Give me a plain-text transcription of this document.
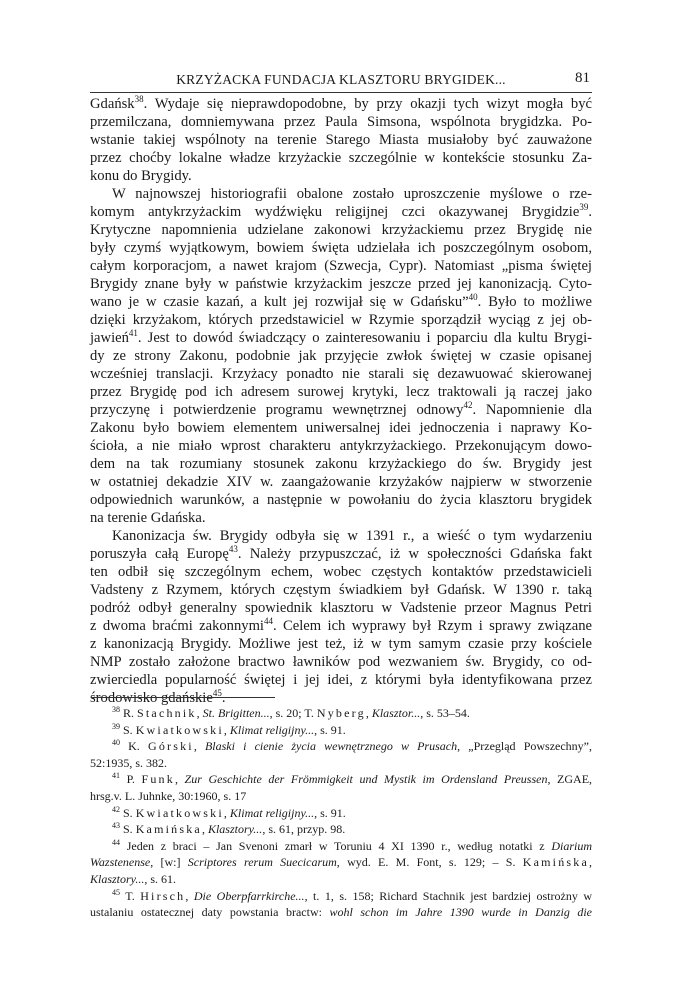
KRZYŻACKA FUNDACJA KLASZTORU BRYGIDEK...	81
Gdańsk$^{38}$. Wydaje się nieprawdopodobne, by przy okazji tych wizyt mogła być
przemilczana, domniemywana przez Paula Simsona, wspólnota brygidzka. Po-
wstanie takiej wspólnoty na terenie Starego Miasta musiałoby być zauważone
przez choćby lokalne władze krzyżackie szczególnie w kontekście stosunku Za-
konu do Brygidy.
W najnowszej historiografii obalone zostało uproszczenie myślowe o rze-
komym antykrzyżackim wydźwięku religijnej czci okazywanej Brygidzie$^{39}$.
Krytyczne napomnienia udzielane zakonowi krzyżackiemu przez Brygidę nie
były czymś wyjątkowym, bowiem święta udzielała ich poszczególnym osobom,
całym korporacjom, a nawet krajom (Szwecja, Cypr). Natomiast „pisma świętej
Brygidy znane były w państwie krzyżackim jeszcze przed jej kanonizacją. Cyto-
wano je w czasie kazań, a kult jej rozwijał się w Gdańsku”$^{40}$. Było to możliwe
dzięki krzyżakom, których przedstawiciel w Rzymie sporządził wyciąg z jej ob-
jawień$^{41}$. Jest to dowód świadczący o zainteresowaniu i poparciu dla kultu Brygi-
dy ze strony Zakonu, podobnie jak przyjęcie zwłok świętej w czasie opisanej
wcześniej translacji. Krzyżacy ponadto nie starali się dezawuować skierowanej
przez Brygidę pod ich adresem surowej krytyki, lecz traktowali ją raczej jako
przyczynę i potwierdzenie programu wewnętrznej odnowy$^{42}$. Napomnienie dla
Zakonu było bowiem elementem uniwersalnej idei jednoczenia i naprawy Ko-
ścioła, a nie miało wprost charakteru antykrzyżackiego. Przekonującym dowo-
dem na tak rozumiany stosunek zakonu krzyżackiego do św. Brygidy jest
w ostatniej dekadzie XIV w. zaangażowanie krzyżaków najpierw w stworzenie
odpowiednich warunków, a następnie w powołaniu do życia klasztoru brygidek
na terenie Gdańska.
Kanonizacja św. Brygidy odbyła się w 1391 r., a wieść o tym wydarzeniu
poruszyła całą Europę$^{43}$. Należy przypuszczać, iż w społeczności Gdańska fakt
ten odbił się szczególnym echem, wobec częstych kontaktów przedstawicieli
Vadsteny z Rzymem, których częstym świadkiem był Gdańsk. W 1390 r. taką
podróż odbył generalny spowiednik klasztoru w Vadstenie przeor Magnus Petri
z dwoma braćmi zakonnymi$^{44}$. Celem ich wyprawy był Rzym i sprawy związane
z kanonizacją Brygidy. Możliwe jest też, iż w tym samym czasie przy kościele
NMP zostało założone bractwo ławników pod wezwaniem św. Brygidy, co od-
zwierciedla popularność świętej i jej idei, z którymi była identyfikowana przez
środowisko gdańskie$^{45}$.
$^{38}$ R. Stachnik, St. Brigitten..., s. 20; T. Nyberg, Klasztor..., s. 53–54.
$^{39}$ S. Kwiatkowski, Klimat religijny..., s. 91.
$^{40}$ K. Górski, Blaski i cienie życia wewnętrznego w Prusach, „Przegląd Powszechny”,
52:1935, s. 382.
$^{41}$ P. Funk, Zur Geschichte der Frömmigkeit und Mystik im Ordensland Preussen, ZGAE,
hrsg.v. L. Juhnke, 30:1960, s. 17
$^{42}$ S. Kwiatkowski, Klimat religijny..., s. 91.
$^{43}$ S. Kamińska, Klasztory..., s. 61, przyp. 98.
$^{44}$ Jeden z braci – Jan Svenoni zmarł w Toruniu 4 XI 1390 r., według notatki z Diarium
Wazstenense, [w:] Scriptores rerum Suecicarum, wyd. E. M. Font, s. 129; – S. Kamińska,
Klasztory..., s. 61.
$^{45}$ T. Hirsch, Die Oberpfarrkirche..., t. 1, s. 158; Richard Stachnik jest bardziej ostrożny w
ustalaniu ostatecznej daty powstania bractw: wohl schon im Jahre 1390 wurde in Danzig die
